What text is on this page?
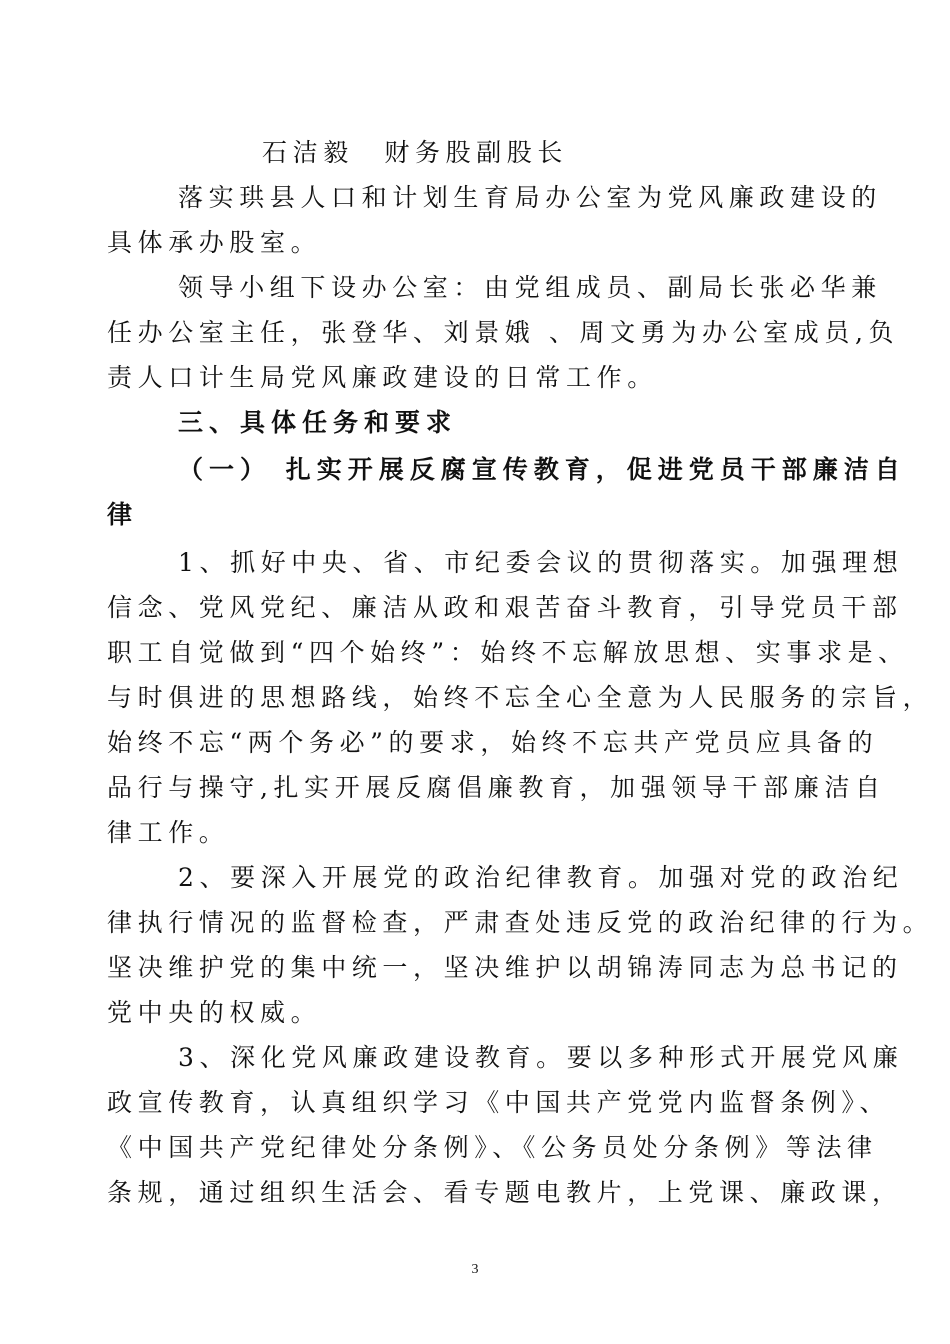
石洁毅　财务股副股长
落实珙县人口和计划生育局办公室为党风廉政建设的
具体承办股室。
领导小组下设办公室：由党组成员、副局长张必华兼
任办公室主任，张登华、刘景娥 、周文勇为办公室成员,负
责人口计生局党风廉政建设的日常工作。
三、具体任务和要求
（一） 扎实开展反腐宣传教育，促进党员干部廉洁自
律
1、抓好中央、省、市纪委会议的贯彻落实。加强理想
信念、党风党纪、廉洁从政和艰苦奋斗教育，引导党员干部
职工自觉做到“四个始终”：始终不忘解放思想、实事求是、
与时俱进的思想路线，始终不忘全心全意为人民服务的宗旨，
始终不忘“两个务必”的要求，始终不忘共产党员应具备的
品行与操守,扎实开展反腐倡廉教育，加强领导干部廉洁自
律工作。
2、要深入开展党的政治纪律教育。加强对党的政治纪
律执行情况的监督检查，严肃查处违反党的政治纪律的行为。
坚决维护党的集中统一，坚决维护以胡锦涛同志为总书记的
党中央的权威。
3、深化党风廉政建设教育。要以多种形式开展党风廉
政宣传教育，认真组织学习《中国共产党党内监督条例》、
《中国共产党纪律处分条例》、《公务员处分条例》等法律
条规，通过组织生活会、看专题电教片，上党课、廉政课，
3
